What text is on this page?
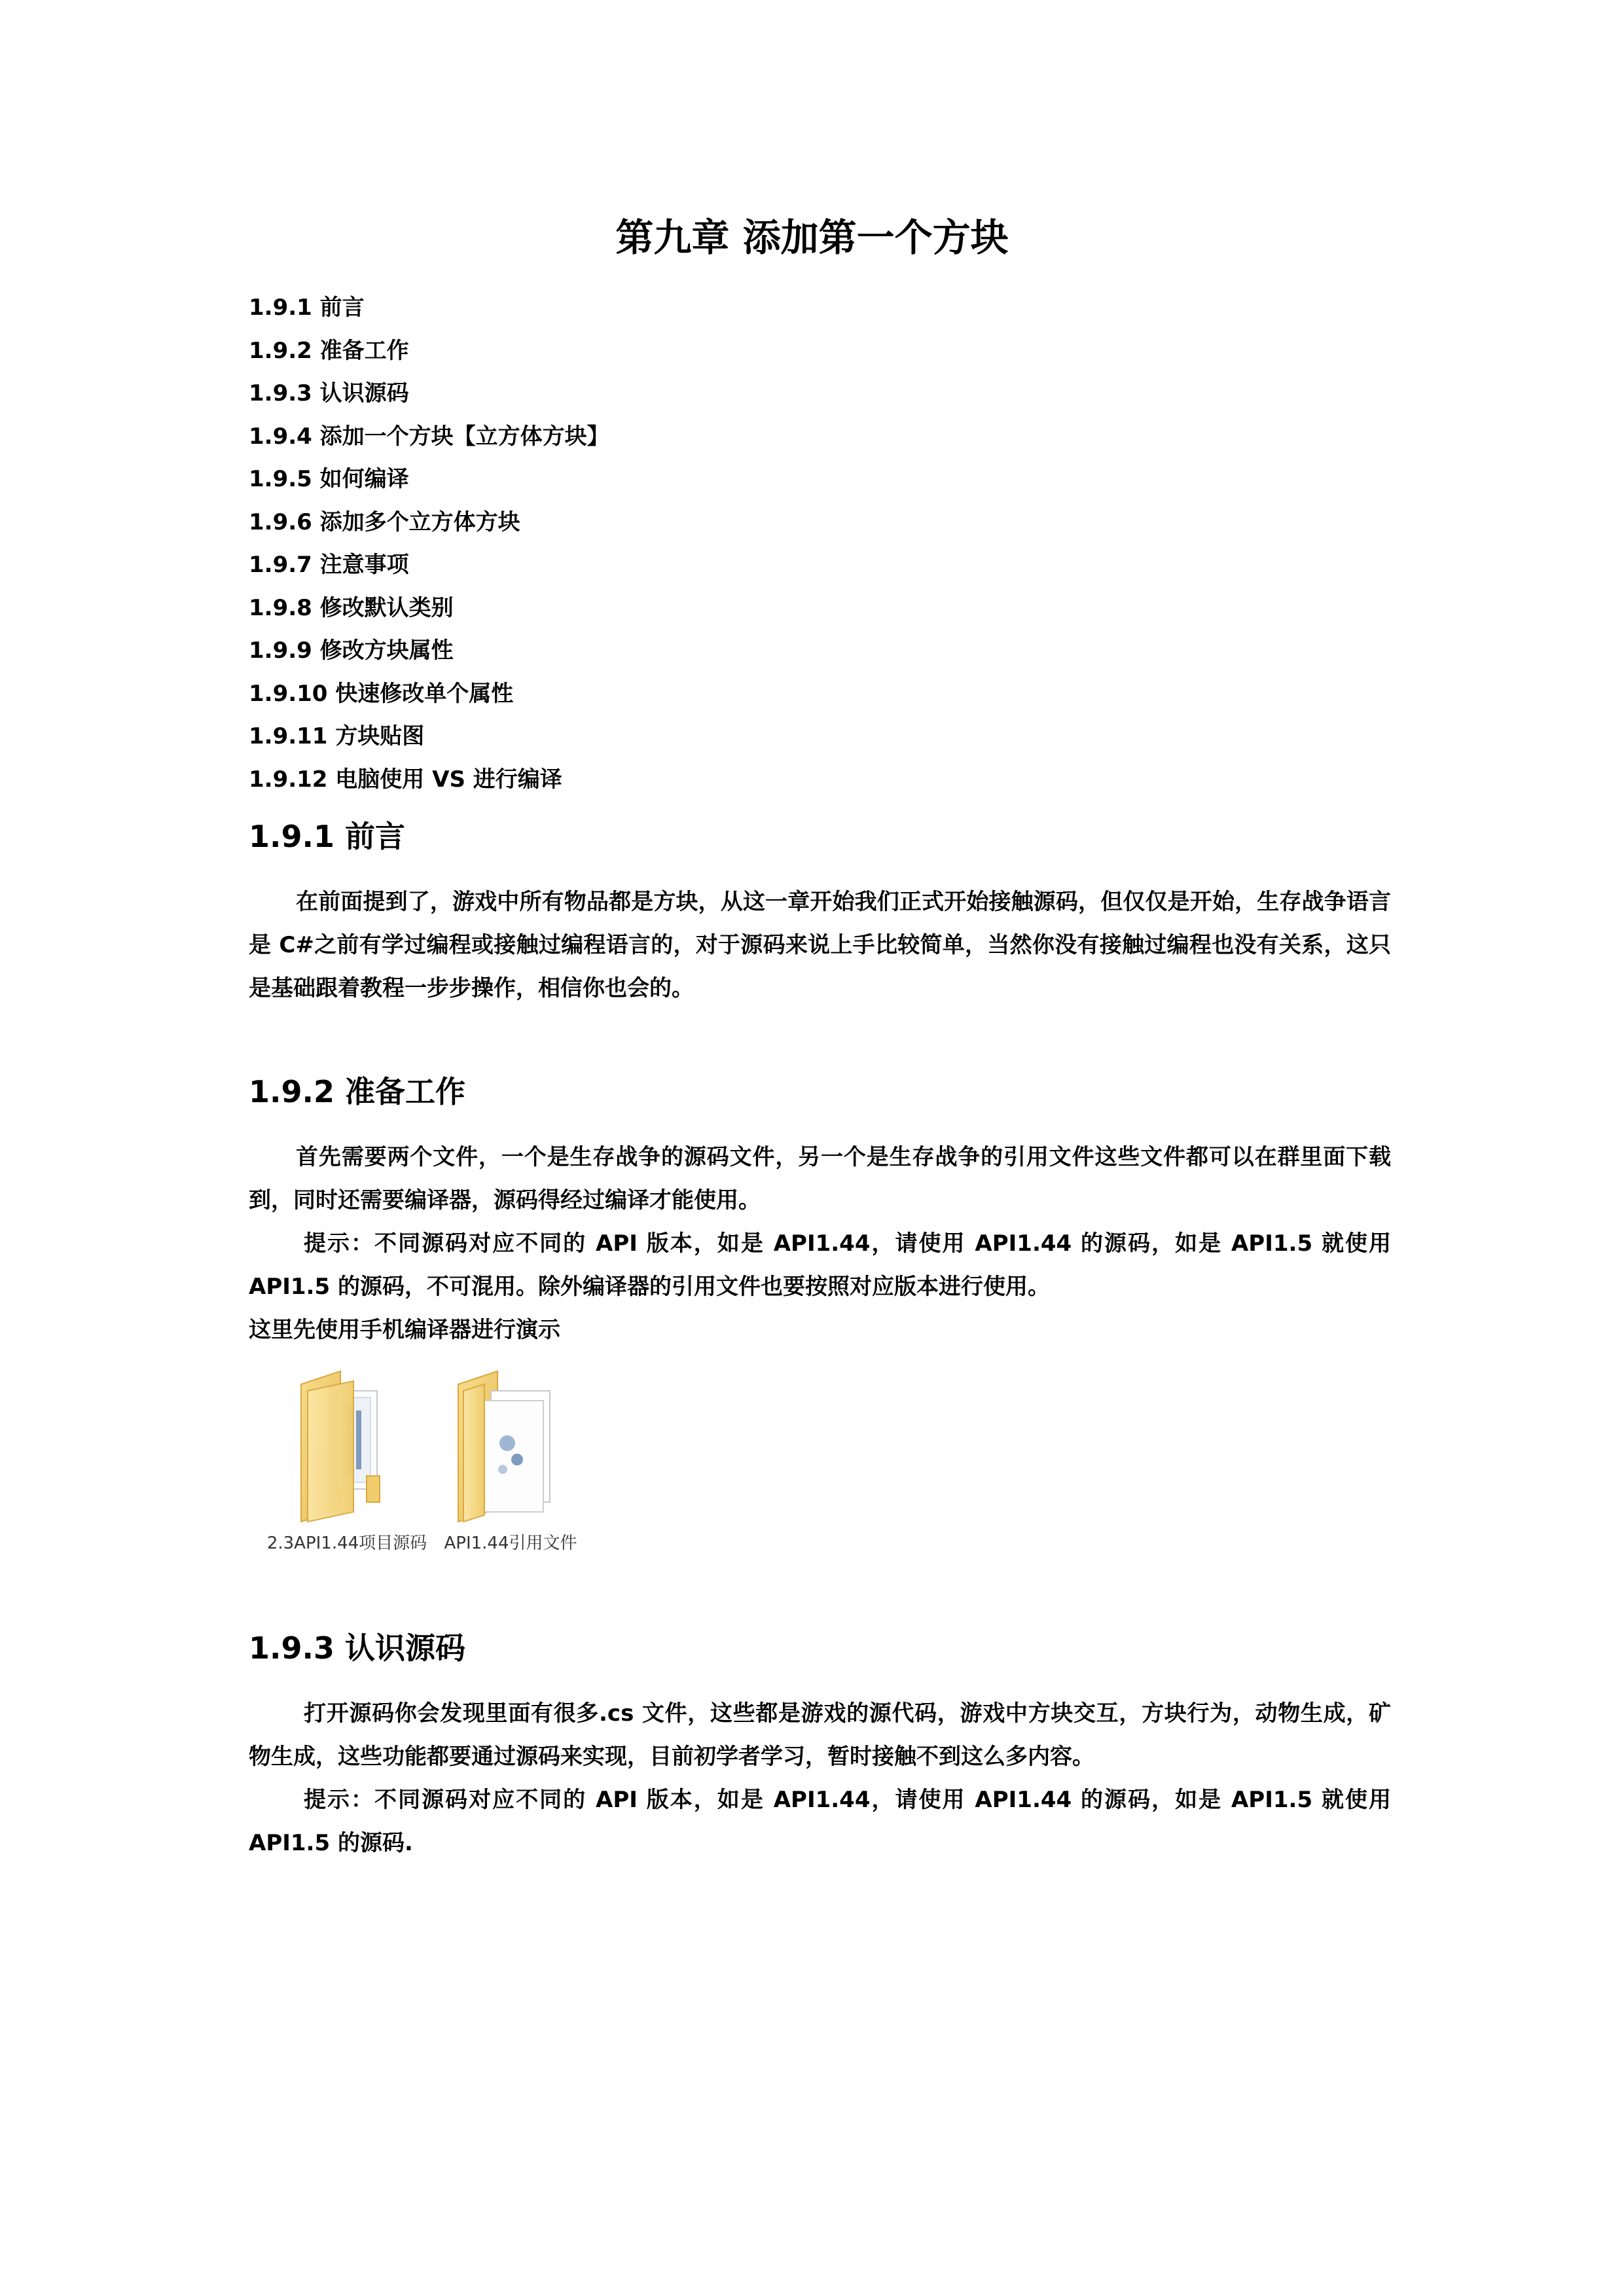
第九章 添加第一个方块
1.9.1 前言
1.9.2 准备工作
1.9.3 认识源码
1.9.4 添加一个方块【立方体方块】
1.9.5 如何编译
1.9.6 添加多个立方体方块
1.9.7 注意事项
1.9.8 修改默认类别
1.9.9 修改方块属性
1.9.10 快速修改单个属性
1.9.11 方块贴图
1.9.12 电脑使用 VS 进行编译
1.9.1 前言

在前面提到了，游戏中所有物品都是方块，从这一章开始我们正式开始接触源码，但仅仅是开始，生存战争语言是 C#之前有学过编程或接触过编程语言的，对于源码来说上手比较简单，当然你没有接触过编程也没有关系，这只是基础跟着教程一步步操作，相信你也会的。

1.9.2 准备工作

首先需要两个文件，一个是生存战争的源码文件，另一个是生存战争的引用文件这些文件都可以在群里面下载到，同时还需要编译器，源码得经过编译才能使用。

提示：不同源码对应不同的 API 版本，如是 API1.44，请使用 API1.44 的源码，如是 API1.5 就使用 API1.5 的源码，不可混用。除外编译器的引用文件也要按照对应版本进行使用。

这里先使用手机编译器进行演示

2.3API1.44项目源码	API1.44引用文件
1.9.3 认识源码

打开源码你会发现里面有很多.cs 文件，这些都是游戏的源代码，游戏中方块交互，方块行为，动物生成，矿物生成，这些功能都要通过源码来实现，目前初学者学习，暂时接触不到这么多内容。

提示：不同源码对应不同的 API 版本，如是 API1.44，请使用 API1.44 的源码，如是 API1.5 就使用 API1.5 的源码.
